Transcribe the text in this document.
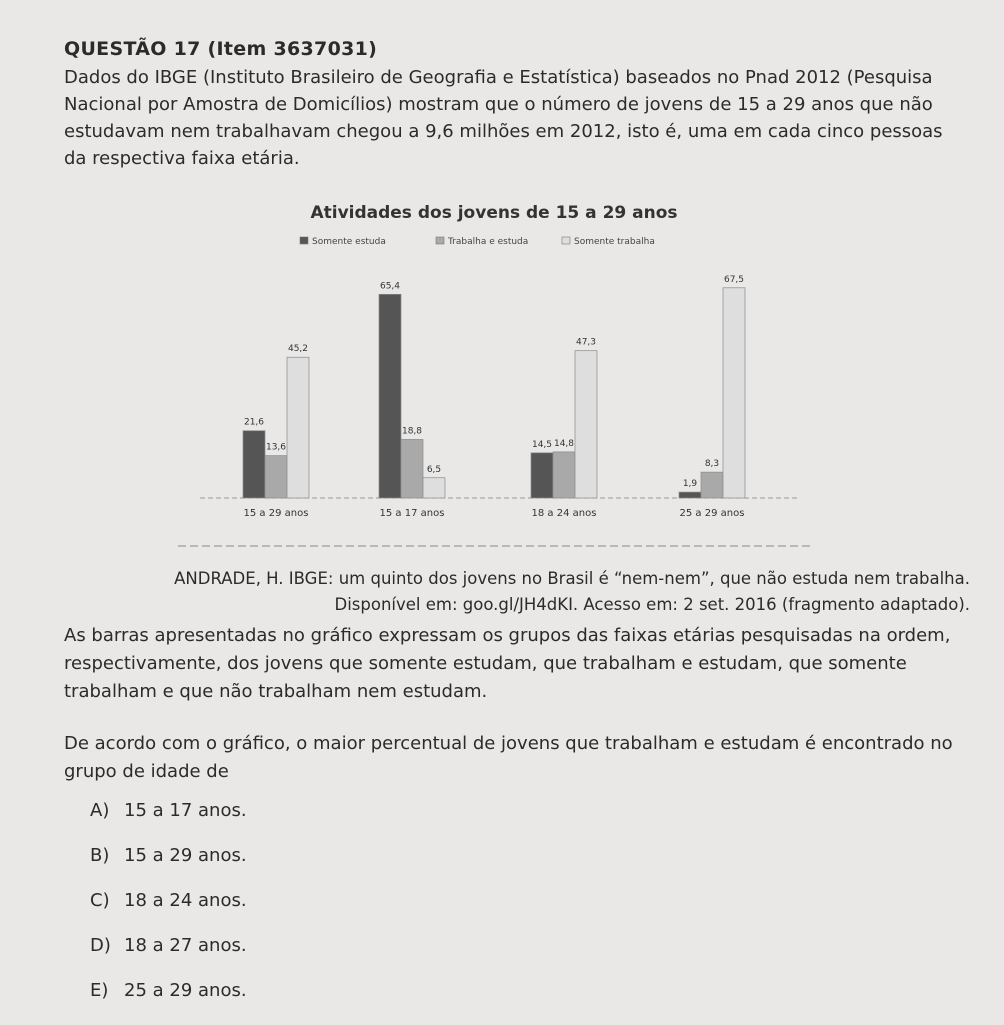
QUESTÃO 17 (Item 3637031)
Dados do IBGE (Instituto Brasileiro de Geografia e Estatística) baseados no Pnad 2012 (Pesquisa Nacional por Amostra de Domicílios) mostram que o número de jovens de 15 a 29 anos que não estudavam nem trabalhavam chegou a 9,6 milhões em 2012, isto é, uma em cada cinco pessoas da respectiva faixa etária.
Atividades dos jovens de 15 a 29 anos
Somente estuda	Trabalha e estuda	Somente trabalha
21,6
13,6
45,2
15 a 29 anos
65,4
18,8
6,5
15 a 17 anos
14,5 14,8
47,3
18 a 24 anos
1,9
8,3
67,5
25 a 29 anos
ANDRADE, H. IBGE: um quinto dos jovens no Brasil é “nem-nem”, que não estuda nem trabalha.
Disponível em: goo.gl/JH4dKI. Acesso em: 2 set. 2016 (fragmento adaptado).
As barras apresentadas no gráfico expressam os grupos das faixas etárias pesquisadas na ordem, respectivamente, dos jovens que somente estudam, que trabalham e estudam, que somente trabalham e que não trabalham nem estudam.
De acordo com o gráfico, o maior percentual de jovens que trabalham e estudam é encontrado no grupo de idade de
A) 15 a 17 anos.
B) 15 a 29 anos.
C) 18 a 24 anos.
D) 18 a 27 anos.
E) 25 a 29 anos.
